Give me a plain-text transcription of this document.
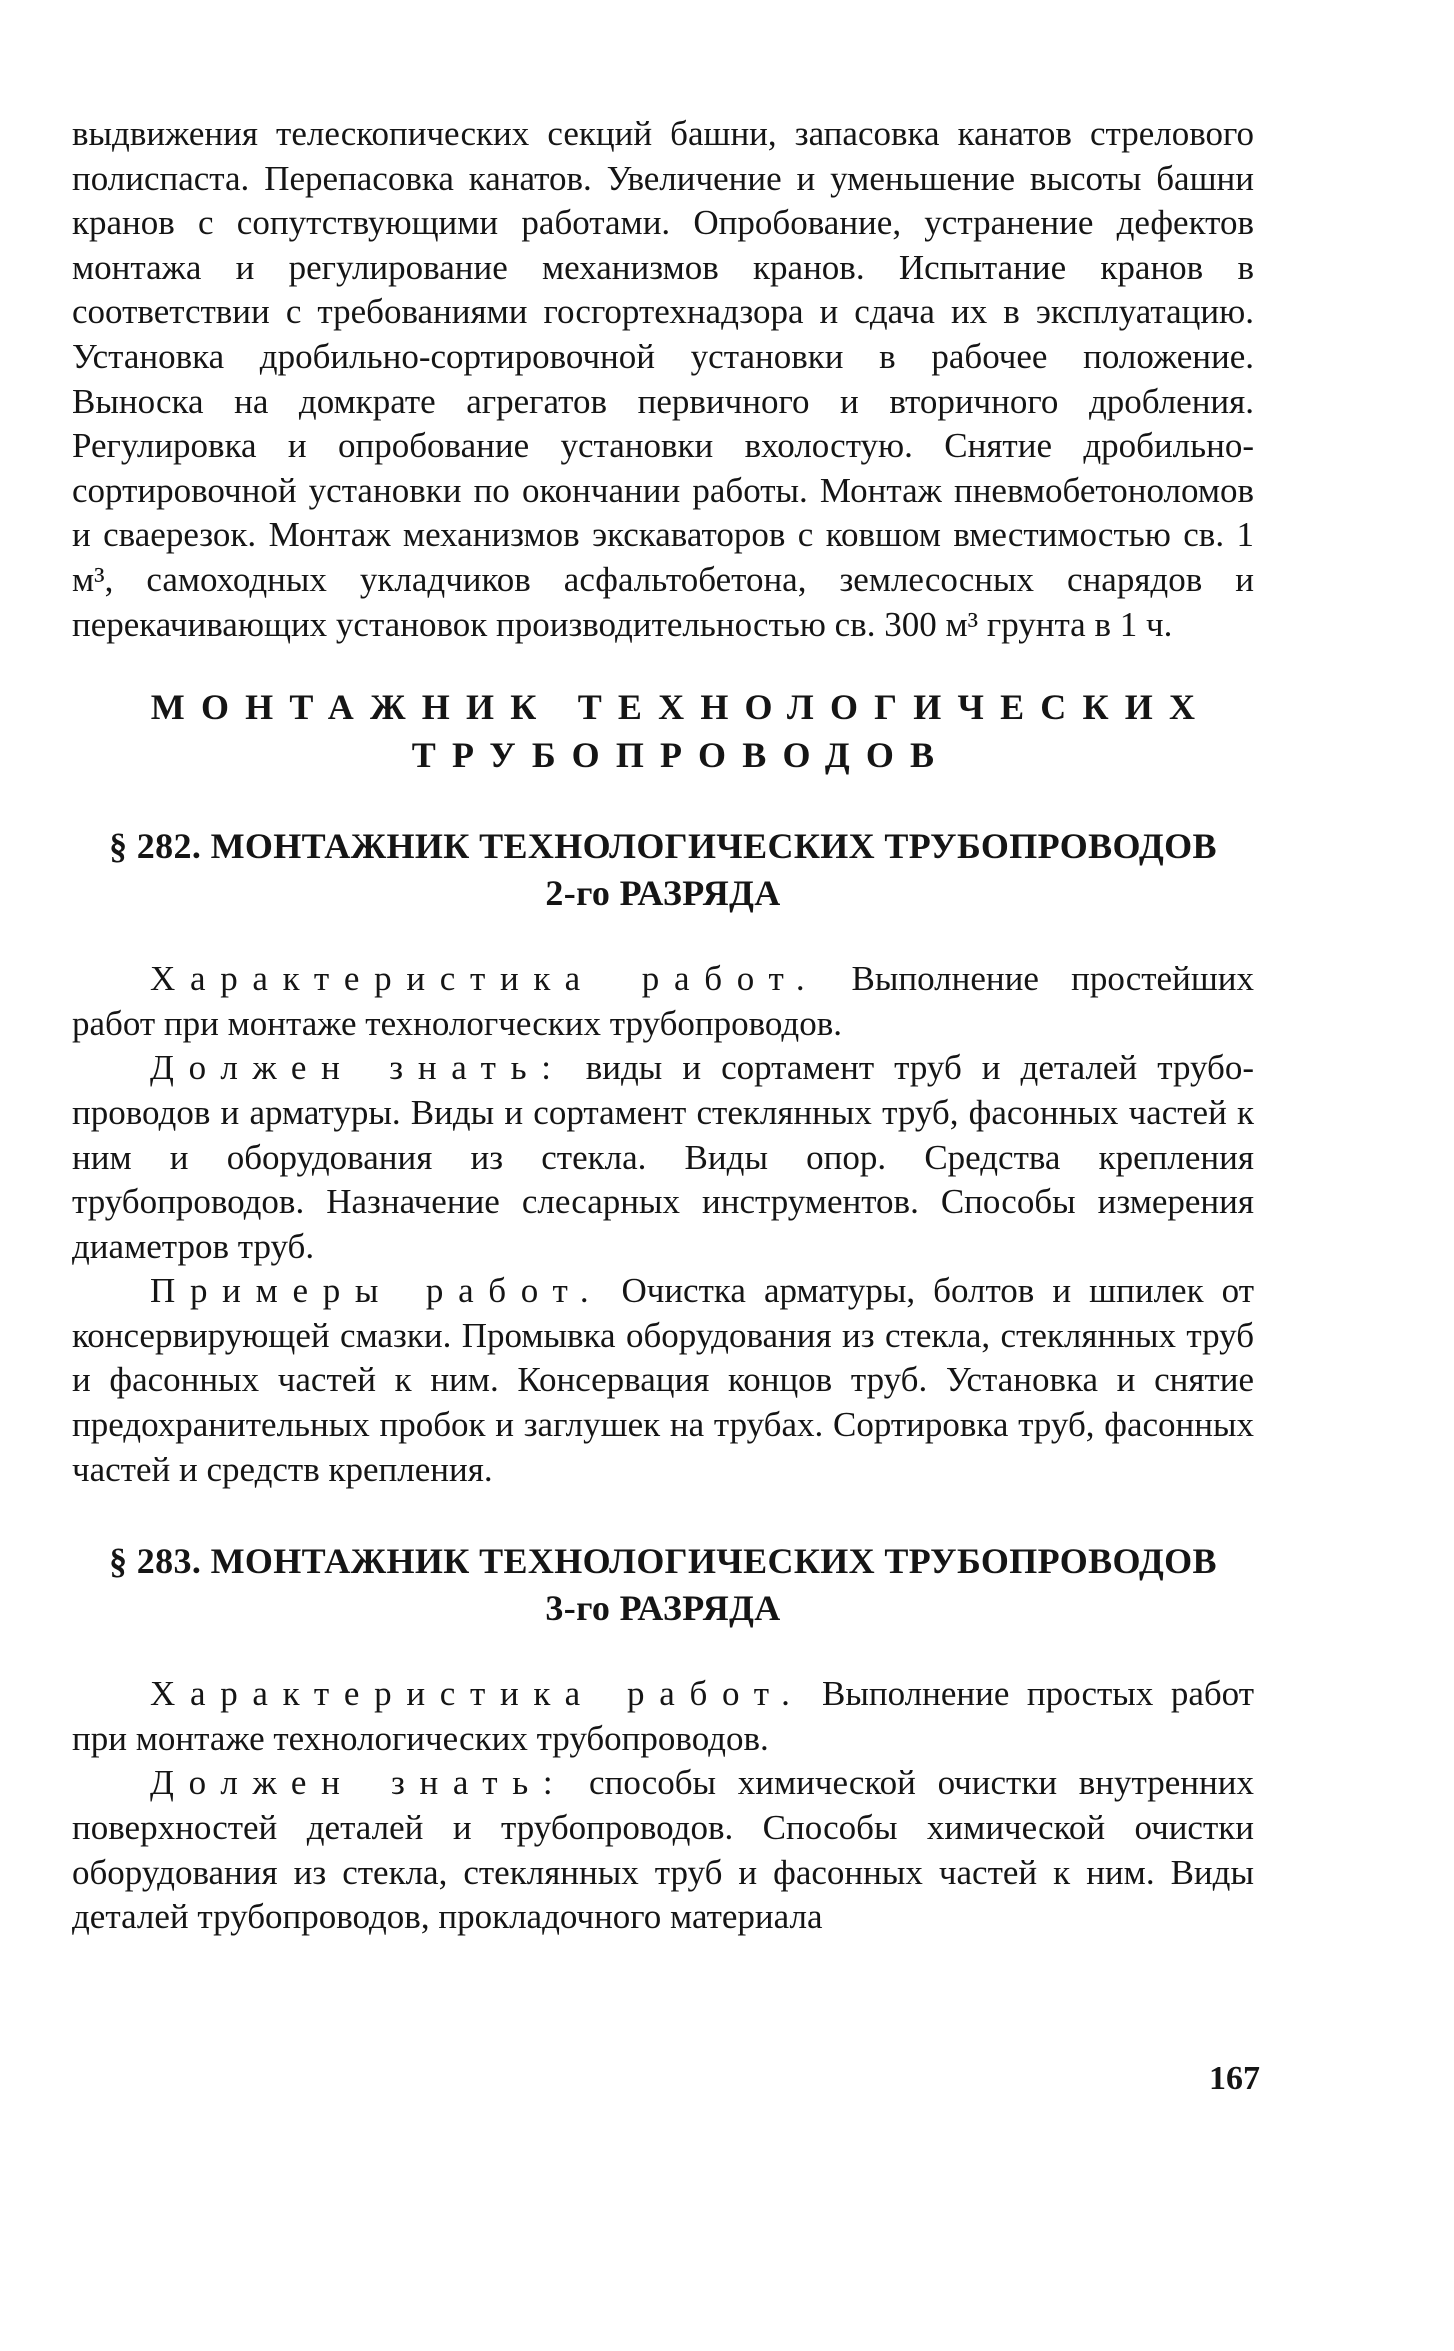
выдвижения телескопических секций башни, запасовка канатов стрелового полиспаста. Перепасовка канатов. Увеличение и уменьшение высоты башни кранов с сопутствующими работами. Опробование, устранение дефектов монтажа и регулирование механизмов кранов. Испытание кранов в соответствии с требованиями госгортехнадзора и сдача их в эксплуатацию. Установка дробильно-сортировочной установки в рабочее положение. Выноска на домкрате агрегатов первичного и вторичного дробления. Регулировка и опробование установки вхолостую. Снятие дробильно-сортировочной установки по окончании работы. Монтаж пневмобетоноломов и сваерезок. Монтаж механизмов экскаваторов с ковшом вместимостью св. 1 м³, самоходных укладчиков асфальтобетона, землесосных снарядов и перекачивающих установок производительностью св. 300 м³ грунта в 1 ч.

МОНТАЖНИК ТЕХНОЛОГИЧЕСКИХ
ТРУБОПРОВОДОВ
§ 282. МОНТАЖНИК ТЕХНОЛОГИЧЕСКИХ ТРУБОПРОВОДОВ
2-го РАЗРЯДА

Характеристика работ. Выполнение простейших работ при монтаже технологческих трубопроводов.

Должен знать: виды и сортамент труб и деталей трубопроводов и арматуры. Виды и сортамент стеклянных труб, фасонных частей к ним и оборудования из стекла. Виды опор. Средства крепления трубопроводов. Назначение слесарных инструментов. Способы измерения диаметров труб.

Примеры работ. Очистка арматуры, болтов и шпилек от консервирующей смазки. Промывка оборудования из стекла, стеклянных труб и фасонных частей к ним. Консервация концов труб. Установка и снятие предохранительных пробок и заглушек на трубах. Сортировка труб, фасонных частей и средств крепления.

§ 283. МОНТАЖНИК ТЕХНОЛОГИЧЕСКИХ ТРУБОПРОВОДОВ
3-го РАЗРЯДА

Характеристика работ. Выполнение простых работ при монтаже технологических трубопроводов.

Должен знать: способы химической очистки внутренних поверхностей деталей и трубопроводов. Способы химической очистки оборудования из стекла, стеклянных труб и фасонных частей к ним. Виды деталей трубопроводов, прокладочного материала

167
